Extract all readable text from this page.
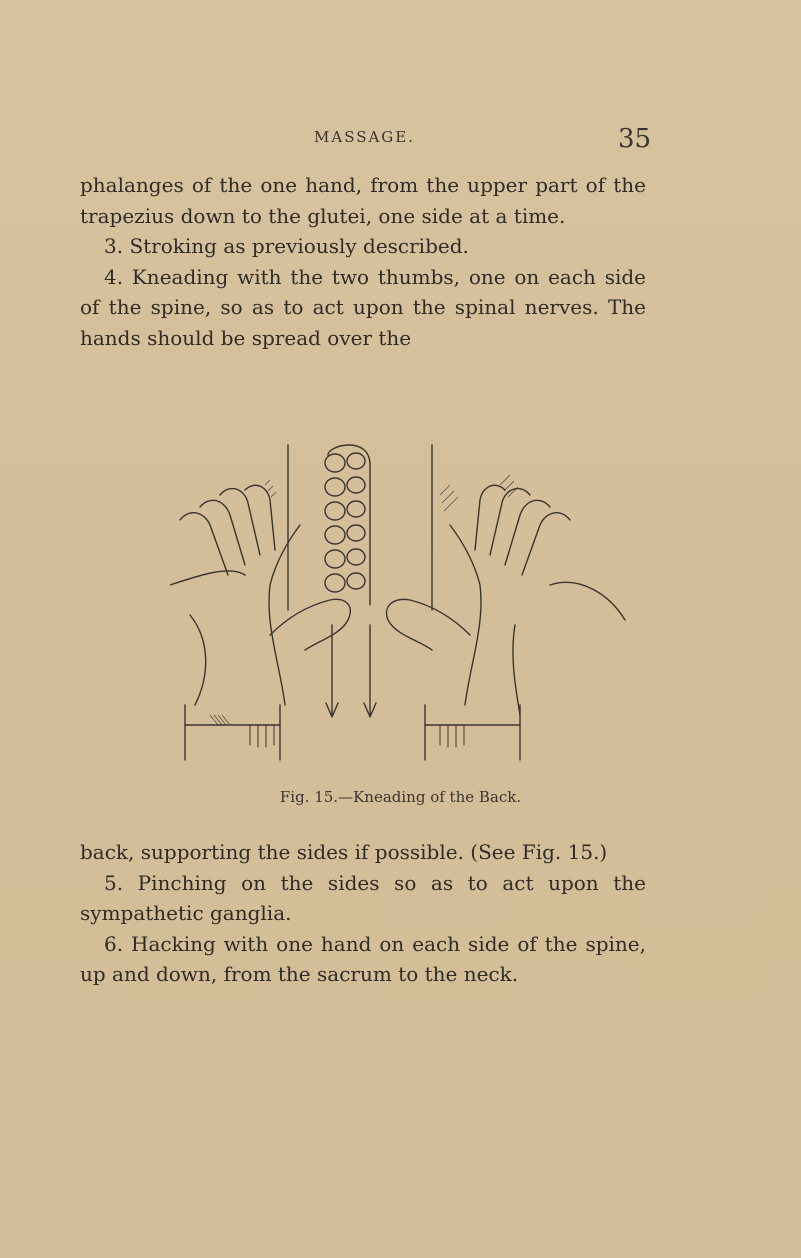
MASSAGE.	35

phalanges of the one hand, from the upper part of the trapezius down to the glutei, one side at a time.

3. Stroking as previously described.

4. Kneading with the two thumbs, one on each side of the spine, so as to act upon the spinal nerves. The hands should be spread over the

Fig. 15.—Kneading of the Back.

back, supporting the sides if possible. (See Fig. 15.)

5. Pinching on the sides so as to act upon the sympathetic ganglia.

6. Hacking with one hand on each side of the spine, up and down, from the sacrum to the neck.
